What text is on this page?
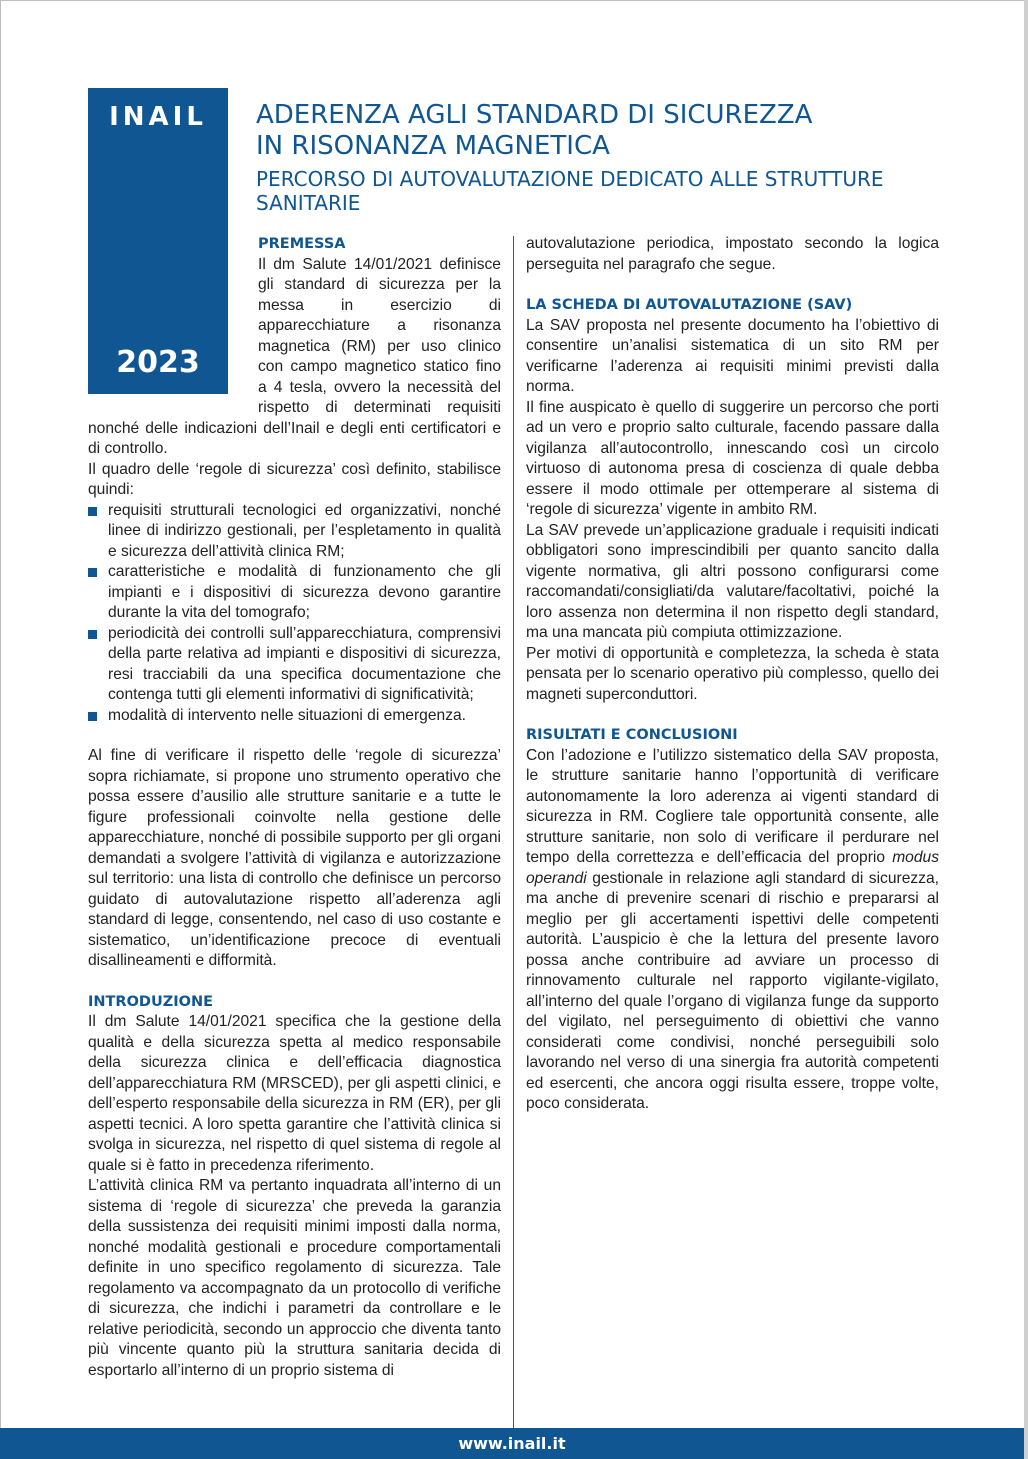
INAIL
2023
ADERENZA AGLI STANDARD DI SICUREZZA
IN RISONANZA MAGNETICA
PERCORSO DI AUTOVALUTAZIONE DEDICATO ALLE STRUTTURE
SANITARIE
PREMESSA

Il dm Salute 14/01/2021 definisce gli standard di sicurezza per la messa in esercizio di apparecchiature a risonanza magnetica (RM) per uso clinico con campo magnetico statico fino a 4 tesla, ovvero la necessità del rispetto di determinati requisiti nonché delle indicazioni dell’Inail e degli enti certificatori e di controllo.

Il quadro delle ‘regole di sicurezza’ così definito, stabilisce quindi:

requisiti strutturali tecnologici ed organizzativi, nonché linee di indirizzo gestionali, per l’espletamento in qualità e sicurezza dell’attività clinica RM;
caratteristiche e modalità di funzionamento che gli impianti e i dispositivi di sicurezza devono garantire durante la vita del tomografo;
periodicità dei controlli sull’apparecchiatura, comprensivi della parte relativa ad impianti e dispositivi di sicurezza, resi tracciabili da una specifica documentazione che contenga tutti gli elementi informativi di significatività;
modalità di intervento nelle situazioni di emergenza.

Al fine di verificare il rispetto delle ‘regole di sicurezza’ sopra richiamate, si propone uno strumento operativo che possa essere d’ausilio alle strutture sanitarie e a tutte le figure professionali coinvolte nella gestione delle apparecchiature, nonché di possibile supporto per gli organi demandati a svolgere l’attività di vigilanza e autorizzazione sul territorio: una lista di controllo che definisce un percorso guidato di autovalutazione rispetto all’aderenza agli standard di legge, consentendo, nel caso di uso costante e sistematico, un’identificazione precoce di eventuali disallineamenti e difformità.

INTRODUZIONE

Il dm Salute 14/01/2021 specifica che la gestione della qualità e della sicurezza spetta al medico responsabile della sicurezza clinica e dell’efficacia diagnostica dell’apparecchiatura RM (MRSCED), per gli aspetti clinici, e dell’esperto responsabile della sicurezza in RM (ER), per gli aspetti tecnici. A loro spetta garantire che l’attività clinica si svolga in sicurezza, nel rispetto di quel sistema di regole al quale si è fatto in precedenza riferimento.

L’attività clinica RM va pertanto inquadrata all’interno di un sistema di ‘regole di sicurezza’ che preveda la garanzia della sussistenza dei requisiti minimi imposti dalla norma, nonché modalità gestionali e procedure comportamentali definite in uno specifico regolamento di sicurezza. Tale regolamento va accompagnato da un protocollo di verifiche di sicurezza, che indichi i parametri da controllare e le relative periodicità, secondo un approccio che diventa tanto più vincente quanto più la struttura sanitaria decida di esportarlo all’interno di un proprio sistema di

autovalutazione periodica, impostato secondo la logica perseguita nel paragrafo che segue.

LA SCHEDA DI AUTOVALUTAZIONE (SAV)

La SAV proposta nel presente documento ha l’obiettivo di consentire un’analisi sistematica di un sito RM per verificarne l’aderenza ai requisiti minimi previsti dalla norma.

Il fine auspicato è quello di suggerire un percorso che porti ad un vero e proprio salto culturale, facendo passare dalla vigilanza all’autocontrollo, innescando così un circolo virtuoso di autonoma presa di coscienza di quale debba essere il modo ottimale per ottemperare al sistema di ‘regole di sicurezza’ vigente in ambito RM.

La SAV prevede un’applicazione graduale i requisiti indicati obbligatori sono imprescindibili per quanto sancito dalla vigente normativa, gli altri possono configurarsi come raccomandati/consigliati/da valutare/facoltativi, poiché la loro assenza non determina il non rispetto degli standard, ma una mancata più compiuta ottimizzazione.

Per motivi di opportunità e completezza, la scheda è stata pensata per lo scenario operativo più complesso, quello dei magneti superconduttori.

RISULTATI E CONCLUSIONI

Con l’adozione e l’utilizzo sistematico della SAV proposta, le strutture sanitarie hanno l’opportunità di verificare autonomamente la loro aderenza ai vigenti standard di sicurezza in RM. Cogliere tale opportunità consente, alle strutture sanitarie, non solo di verificare il perdurare nel tempo della correttezza e dell’efficacia del proprio modus operandi gestionale in relazione agli standard di sicurezza, ma anche di prevenire scenari di rischio e prepararsi al meglio per gli accertamenti ispettivi delle competenti autorità. L’auspicio è che la lettura del presente lavoro possa anche contribuire ad avviare un processo di rinnovamento culturale nel rapporto vigilante-vigilato, all’interno del quale l’organo di vigilanza funge da supporto del vigilato, nel perseguimento di obiettivi che vanno considerati come condivisi, nonché perseguibili solo lavorando nel verso di una sinergia fra autorità competenti ed esercenti, che ancora oggi risulta essere, troppe volte, poco considerata.

www.inail.it
